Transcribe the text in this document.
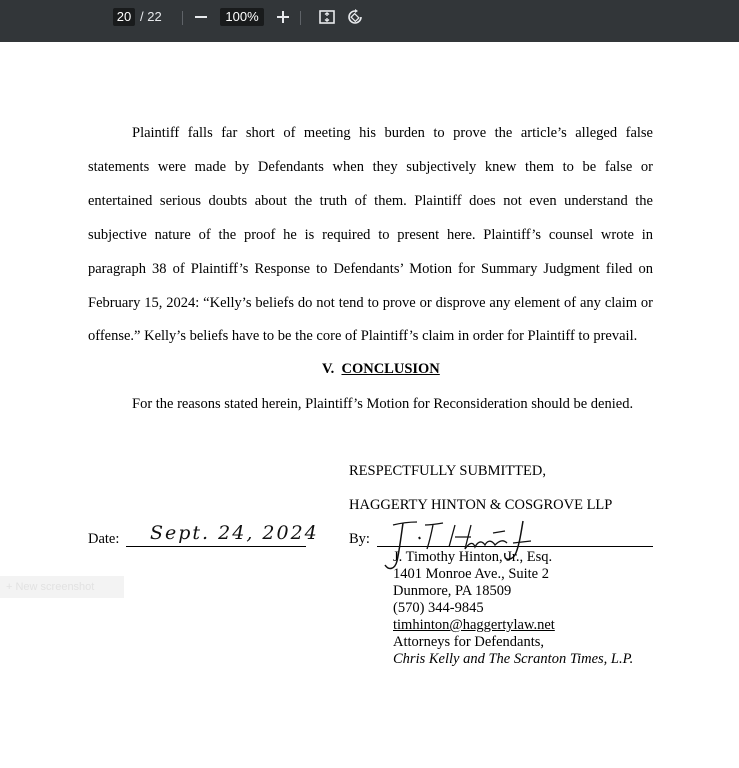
20 / 22	100%
Plaintiff falls far short of meeting his burden to prove the article’s alleged false
statements were made by Defendants when they subjectively knew them to be false or
entertained serious doubts about the truth of them. Plaintiff does not even understand the
subjective nature of the proof he is required to present here. Plaintiff’s counsel wrote in
paragraph 38 of Plaintiff’s Response to Defendants’ Motion for Summary Judgment filed on
February 15, 2024: “Kelly’s beliefs do not tend to prove or disprove any element of any claim or
offense.” Kelly’s beliefs have to be the core of Plaintiff’s claim in order for Plaintiff to prevail.
V. CONCLUSION
For the reasons stated herein, Plaintiff’s Motion for Reconsideration should be denied.
RESPECTFULLY SUBMITTED,
HAGGERTY HINTON & COSGROVE LLP
Date: Sept. 24, 2024 By:
J. Timothy Hinton, Jr., Esq.
1401 Monroe Ave., Suite 2
Dunmore, PA 18509
(570) 344-9845
timhinton@haggertylaw.net
Attorneys for Defendants,
Chris Kelly and The Scranton Times, L.P.
+ New screenshot
